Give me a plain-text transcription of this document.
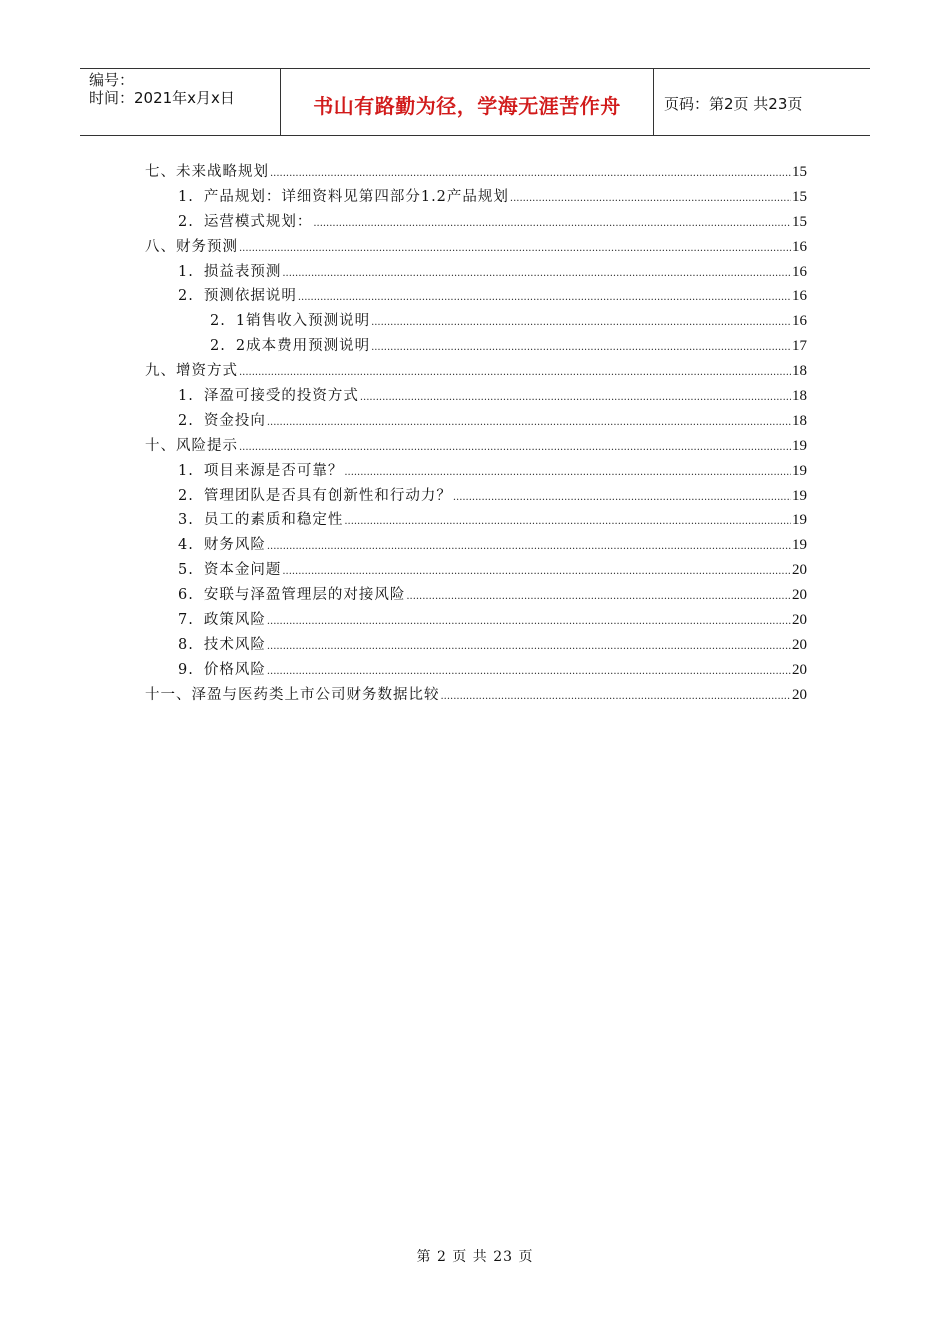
编号：
时间：2021年x月x日	书山有路勤为径，学海无涯苦作舟	页码：第2页 共23页
七、未来战略规划 .....	15
1. 产品规划：详细资料见第四部分1.2产品规划 .....	15
2. 运营模式规划： .....	15
八、财务预测 .....	16
1. 损益表预测 .....	16
2. 预测依据说明 .....	16
2. 1销售收入预测说明 .....	16
2. 2成本费用预测说明 .....	17
九、增资方式 .....	18
1. 泽盈可接受的投资方式 .....	18
2. 资金投向 .....	18
十、风险提示 .....	19
1. 项目来源是否可靠？ .....	19
2. 管理团队是否具有创新性和行动力？ .....	19
3. 员工的素质和稳定性 .....	19
4. 财务风险 .....	19
5. 资本金问题 .....	20
6. 安联与泽盈管理层的对接风险 .....	20
7. 政策风险 .....	20
8. 技术风险 .....	20
9. 价格风险 .....	20
十一、泽盈与医药类上市公司财务数据比较 .....	20
第 2 页 共 23 页
